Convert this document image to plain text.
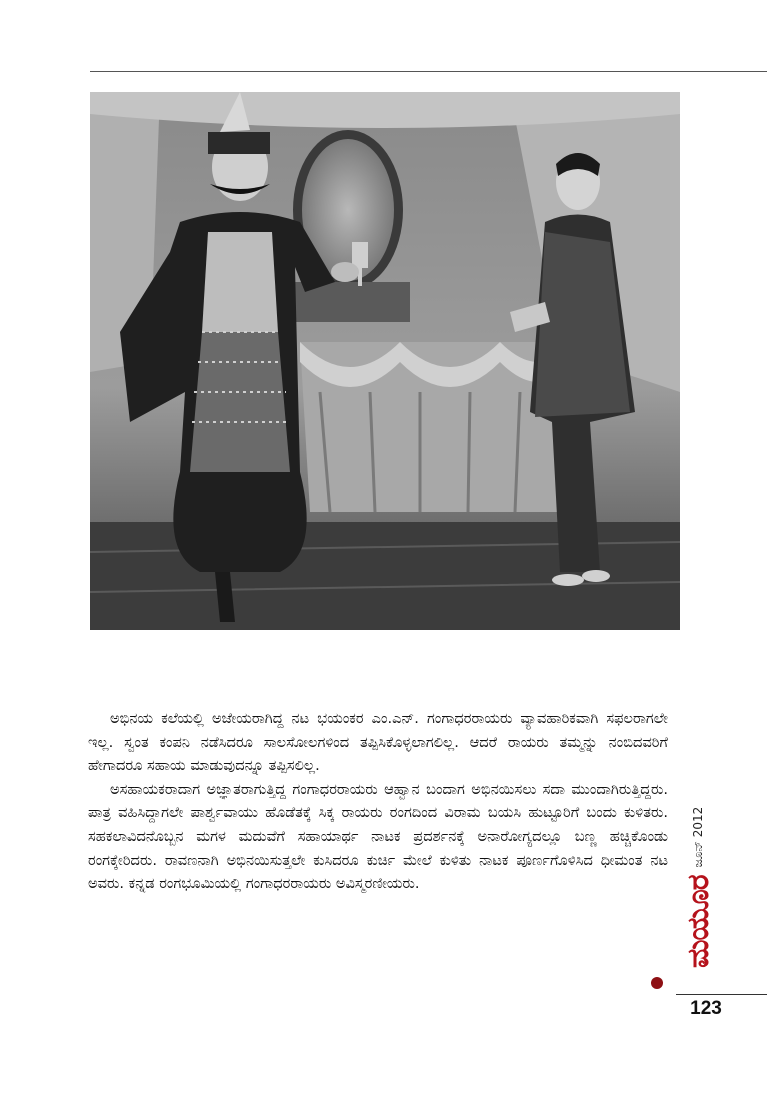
ಅಭಿನಯ ಕಲೆಯಲ್ಲಿ ಅಜೇಯರಾಗಿದ್ದ ನಟ ಭಯಂಕರ ಎಂ.ಎನ್. ಗಂಗಾಧರರಾಯರು ವ್ಯಾವಹಾರಿಕವಾಗಿ ಸಫಲರಾಗಲೇ ಇಲ್ಲ. ಸ್ವಂತ ಕಂಪನಿ ನಡೆಸಿದರೂ ಸಾಲಸೋಲಗಳಿಂದ ತಪ್ಪಿಸಿಕೊಳ್ಳಲಾಗಲಿಲ್ಲ. ಆದರೆ ರಾಯರು ತಮ್ಮನ್ನು ನಂಬಿದವರಿಗೆ ಹೇಗಾದರೂ ಸಹಾಯ ಮಾಡುವುದನ್ನೂ ತಪ್ಪಿಸಲಿಲ್ಲ.

ಅಸಹಾಯಕರಾದಾಗ ಅಜ್ಞಾತರಾಗುತ್ತಿದ್ದ ಗಂಗಾಧರರಾಯರು ಆಹ್ವಾನ ಬಂದಾಗ ಅಭಿನಯಿಸಲು ಸದಾ ಮುಂದಾಗಿರುತ್ತಿದ್ದರು. ಪಾತ್ರ ವಹಿಸಿದ್ದಾಗಲೇ ಪಾರ್ಶ್ವವಾಯು ಹೊಡೆತಕ್ಕೆ ಸಿಕ್ಕ ರಾಯರು ರಂಗದಿಂದ ವಿರಾಮ ಬಯಸಿ ಹುಟ್ಟೂರಿಗೆ ಬಂದು ಕುಳಿತರು. ಸಹಕಲಾವಿದನೊಬ್ಬನ ಮಗಳ ಮದುವೆಗೆ ಸಹಾಯಾರ್ಥ ನಾಟಕ ಪ್ರದರ್ಶನಕ್ಕೆ ಅನಾರೋಗ್ಯದಲ್ಲೂ ಬಣ್ಣ ಹಚ್ಚಿಕೊಂಡು ರಂಗಕ್ಕೇರಿದರು. ರಾವಣನಾಗಿ ಅಭಿನಯಿಸುತ್ತಲೇ ಕುಸಿದರೂ ಕುರ್ಚಿ ಮೇಲೆ ಕುಳಿತು ನಾಟಕ ಪೂರ್ಣಗೊಳಿಸಿದ ಧೀಮಂತ ನಟ ಅವರು. ಕನ್ನಡ ರಂಗಭೂಮಿಯಲ್ಲಿ ಗಂಗಾಧರರಾಯರು ಅವಿಸ್ಮರಣೀಯರು.	ಮಯೂರ
ಜೂನ್ 2012
123
